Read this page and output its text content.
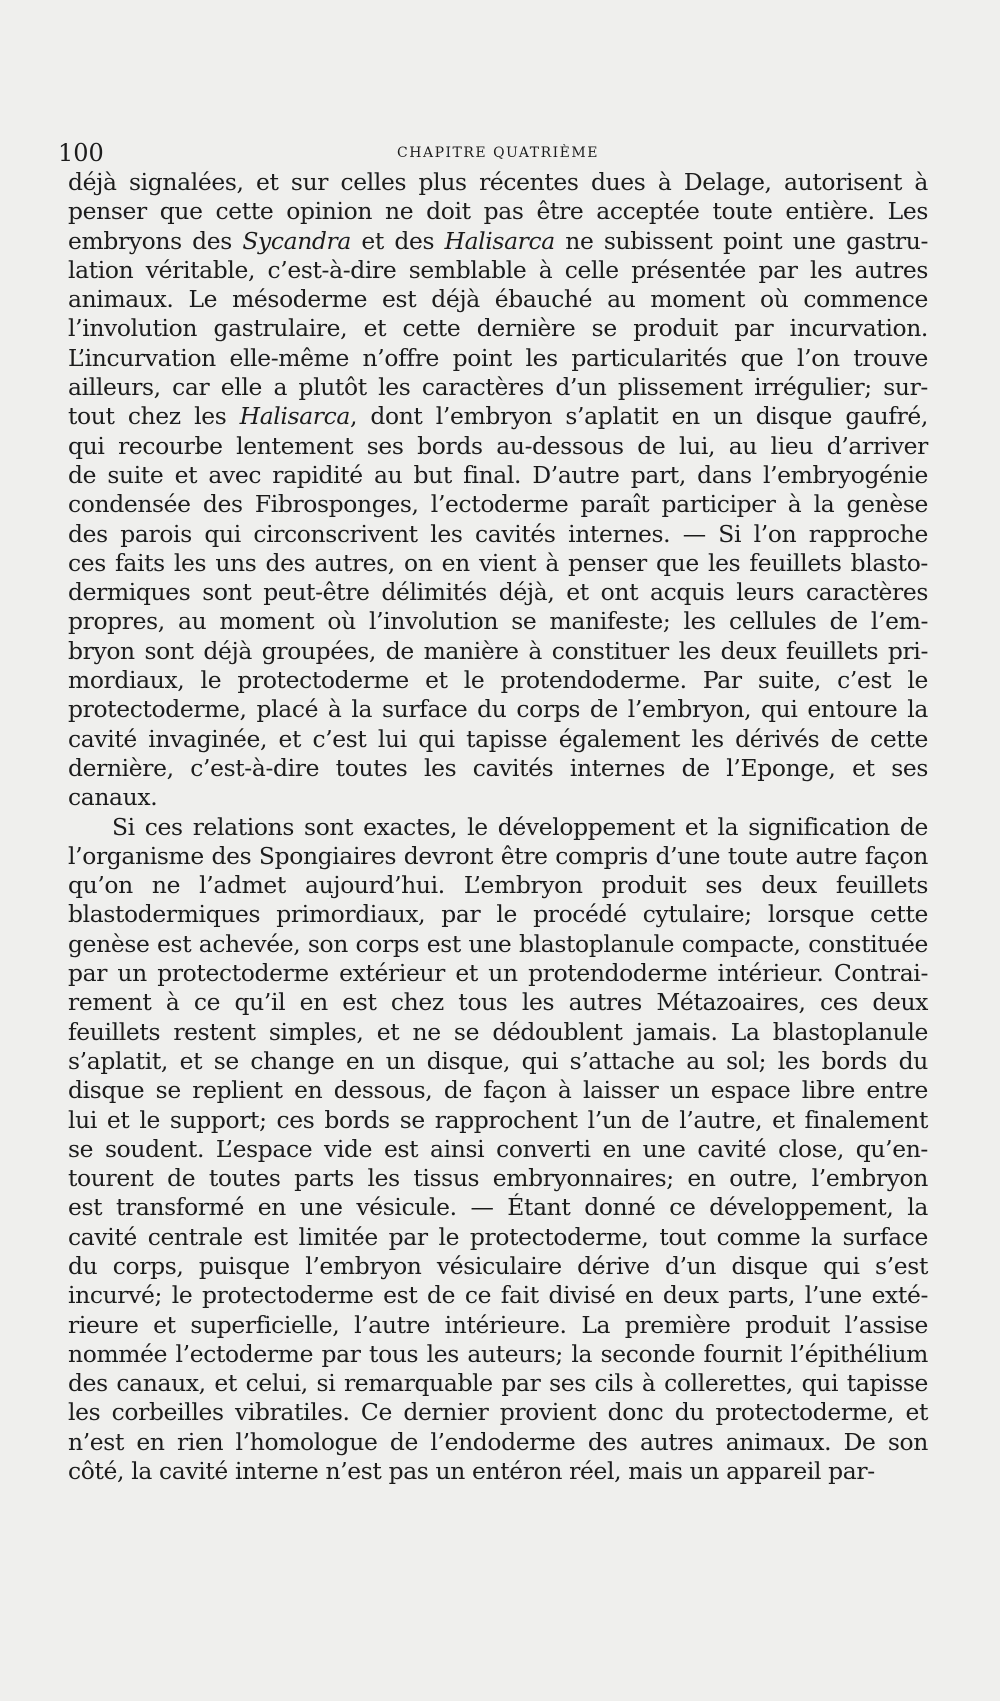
100	CHAPITRE QUATRIÈME
déjà signalées, et sur celles plus récentes dues à Delage, autorisent à
penser que cette opinion ne doit pas être acceptée toute entière. Les
embryons des Sycandra et des Halisarca ne subissent point une gastru-
lation véritable, c’est-à-dire semblable à celle présentée par les autres
animaux. Le mésoderme est déjà ébauché au moment où commence
l’involution gastrulaire, et cette dernière se produit par incurvation.
L’incurvation elle-même n’offre point les particularités que l’on trouve
ailleurs, car elle a plutôt les caractères d’un plissement irrégulier; sur-
tout chez les Halisarca, dont l’embryon s’aplatit en un disque gaufré,
qui recourbe lentement ses bords au-dessous de lui, au lieu d’arriver
de suite et avec rapidité au but final. D’autre part, dans l’embryogénie
condensée des Fibrosponges, l’ectoderme paraît participer à la genèse
des parois qui circonscrivent les cavités internes. — Si l’on rapproche
ces faits les uns des autres, on en vient à penser que les feuillets blasto-
dermiques sont peut-être délimités déjà, et ont acquis leurs caractères
propres, au moment où l’involution se manifeste; les cellules de l’em-
bryon sont déjà groupées, de manière à constituer les deux feuillets pri-
mordiaux, le protectoderme et le protendoderme. Par suite, c’est le
protectoderme, placé à la surface du corps de l’embryon, qui entoure la
cavité invaginée, et c’est lui qui tapisse également les dérivés de cette
dernière, c’est-à-dire toutes les cavités internes de l’Eponge, et ses
canaux.
Si ces relations sont exactes, le développement et la signification de
l’organisme des Spongiaires devront être compris d’une toute autre façon
qu’on ne l’admet aujourd’hui. L’embryon produit ses deux feuillets
blastodermiques primordiaux, par le procédé cytulaire; lorsque cette
genèse est achevée, son corps est une blastoplanule compacte, constituée
par un protectoderme extérieur et un protendoderme intérieur. Contrai-
rement à ce qu’il en est chez tous les autres Métazoaires, ces deux
feuillets restent simples, et ne se dédoublent jamais. La blastoplanule
s’aplatit, et se change en un disque, qui s’attache au sol; les bords du
disque se replient en dessous, de façon à laisser un espace libre entre
lui et le support; ces bords se rapprochent l’un de l’autre, et finalement
se soudent. L’espace vide est ainsi converti en une cavité close, qu’en-
tourent de toutes parts les tissus embryonnaires; en outre, l’embryon
est transformé en une vésicule. — Étant donné ce développement, la
cavité centrale est limitée par le protectoderme, tout comme la surface
du corps, puisque l’embryon vésiculaire dérive d’un disque qui s’est
incurvé; le protectoderme est de ce fait divisé en deux parts, l’une exté-
rieure et superficielle, l’autre intérieure. La première produit l’assise
nommée l’ectoderme par tous les auteurs; la seconde fournit l’épithélium
des canaux, et celui, si remarquable par ses cils à collerettes, qui tapisse
les corbeilles vibratiles. Ce dernier provient donc du protectoderme, et
n’est en rien l’homologue de l’endoderme des autres animaux. De son
côté, la cavité interne n’est pas un entéron réel, mais un appareil par-
